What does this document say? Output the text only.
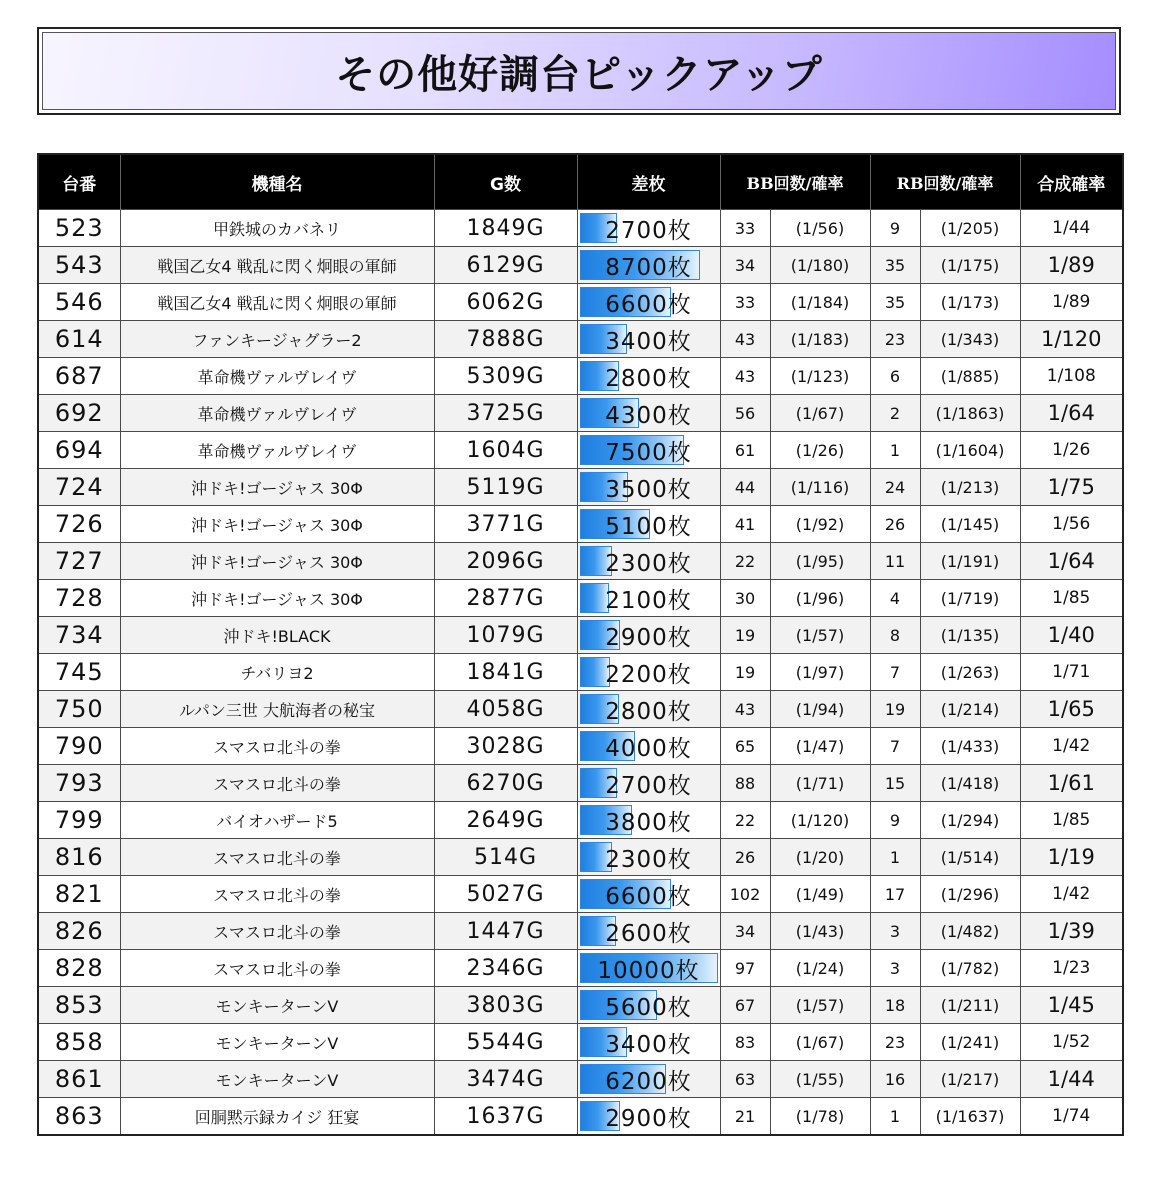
その他好調台ピックアップ
台番	機種名	G数	差枚	BB回数/確率		RB回数/確率		合成確率
523	甲鉄城のカバネリ	1849G	2700枚	33	(1/56)	9	(1/205)	1/44
543	戦国乙女4 戦乱に閃く炯眼の軍師	6129G	8700枚	34	(1/180)	35	(1/175)	1/89
546	戦国乙女4 戦乱に閃く炯眼の軍師	6062G	6600枚	33	(1/184)	35	(1/173)	1/89
614	ファンキージャグラー2	7888G	3400枚	43	(1/183)	23	(1/343)	1/120
687	革命機ヴァルヴレイヴ	5309G	2800枚	43	(1/123)	6	(1/885)	1/108
692	革命機ヴァルヴレイヴ	3725G	4300枚	56	(1/67)	2	(1/1863)	1/64
694	革命機ヴァルヴレイヴ	1604G	7500枚	61	(1/26)	1	(1/1604)	1/26
724	沖ドキ!ゴージャス 30Φ	5119G	3500枚	44	(1/116)	24	(1/213)	1/75
726	沖ドキ!ゴージャス 30Φ	3771G	5100枚	41	(1/92)	26	(1/145)	1/56
727	沖ドキ!ゴージャス 30Φ	2096G	2300枚	22	(1/95)	11	(1/191)	1/64
728	沖ドキ!ゴージャス 30Φ	2877G	2100枚	30	(1/96)	4	(1/719)	1/85
734	沖ドキ!BLACK	1079G	2900枚	19	(1/57)	8	(1/135)	1/40
745	チバリヨ2	1841G	2200枚	19	(1/97)	7	(1/263)	1/71
750	ルパン三世 大航海者の秘宝	4058G	2800枚	43	(1/94)	19	(1/214)	1/65
790	スマスロ北斗の拳	3028G	4000枚	65	(1/47)	7	(1/433)	1/42
793	スマスロ北斗の拳	6270G	2700枚	88	(1/71)	15	(1/418)	1/61
799	バイオハザード5	2649G	3800枚	22	(1/120)	9	(1/294)	1/85
816	スマスロ北斗の拳	514G	2300枚	26	(1/20)	1	(1/514)	1/19
821	スマスロ北斗の拳	5027G	6600枚	102	(1/49)	17	(1/296)	1/42
826	スマスロ北斗の拳	1447G	2600枚	34	(1/43)	3	(1/482)	1/39
828	スマスロ北斗の拳	2346G	10000枚	97	(1/24)	3	(1/782)	1/23
853	モンキーターンV	3803G	5600枚	67	(1/57)	18	(1/211)	1/45
858	モンキーターンV	5544G	3400枚	83	(1/67)	23	(1/241)	1/52
861	モンキーターンV	3474G	6200枚	63	(1/55)	16	(1/217)	1/44
863	回胴黙示録カイジ 狂宴	1637G	2900枚	21	(1/78)	1	(1/1637)	1/74
